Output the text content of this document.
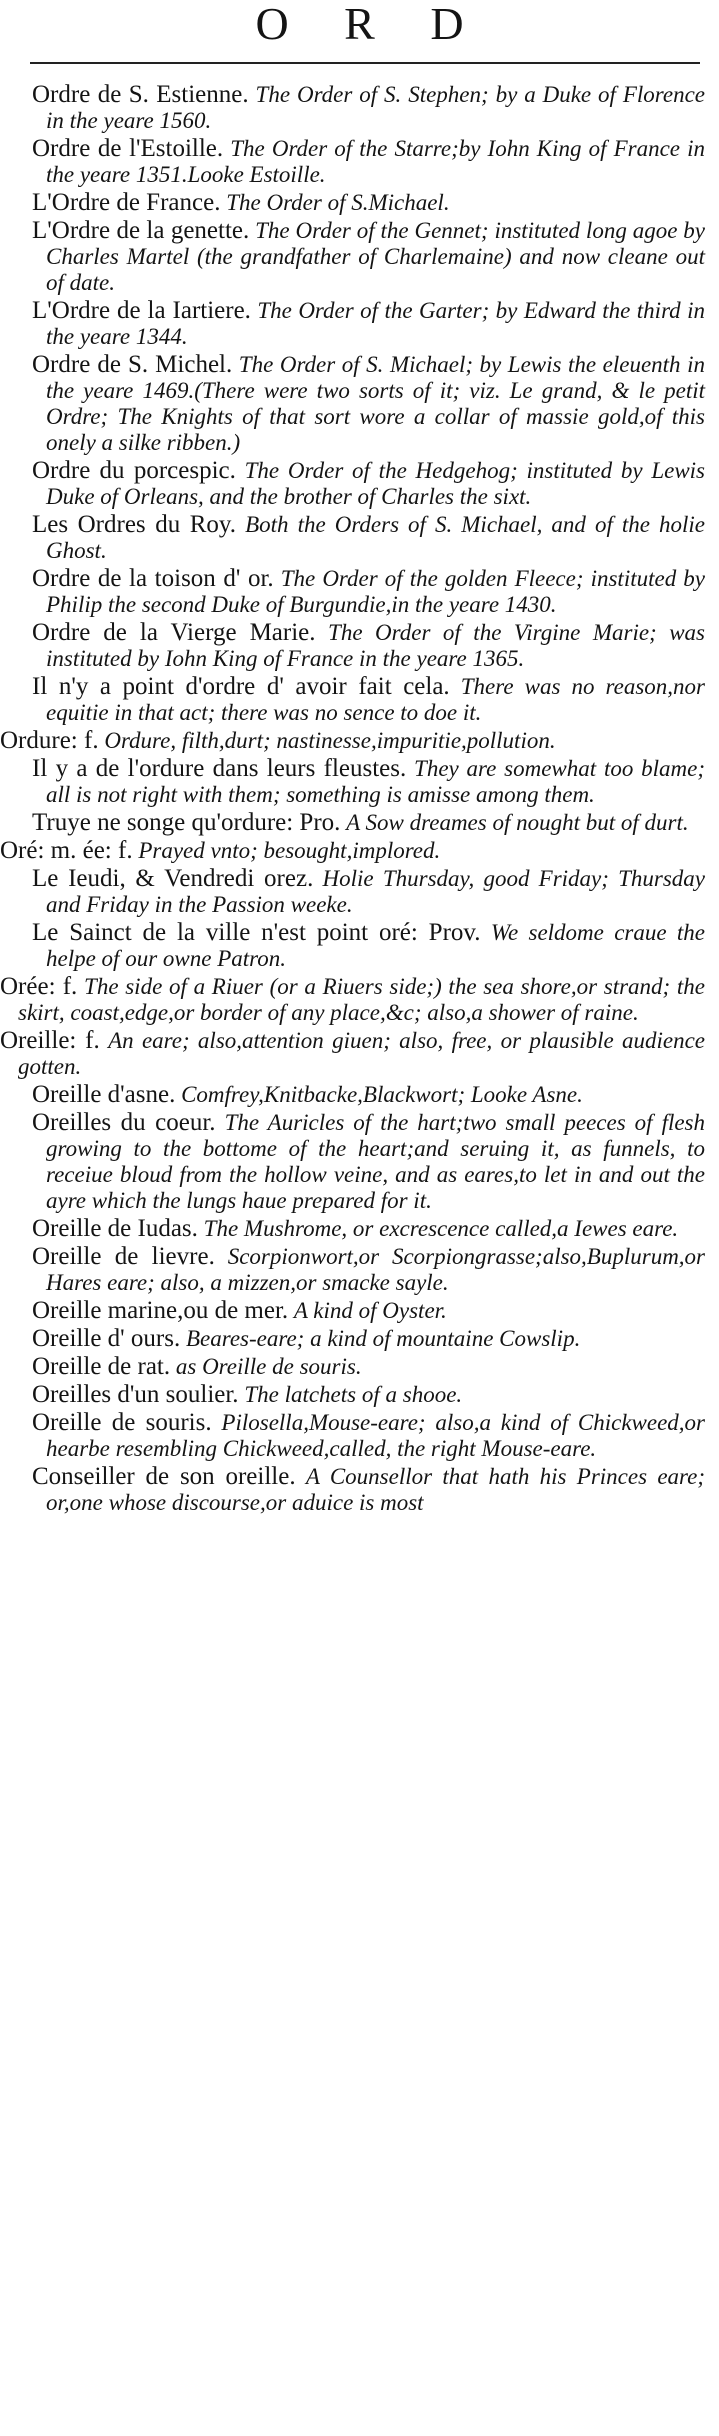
O R D
Ordre de S. Estienne. The Order of S. Stephen; by a Duke of Florence in the yeare 1560.
Ordre de l'Estoille. The Order of the Starre;by Iohn King of France in the yeare 1351.Looke Estoille.
L'Ordre de France. The Order of S.Michael.
L'Ordre de la genette. The Order of the Gennet; instituted long agoe by Charles Martel (the grandfather of Charlemaine) and now cleane out of date.
L'Ordre de la Iartiere. The Order of the Garter; by Edward the third in the yeare 1344.
Ordre de S. Michel. The Order of S. Michael; by Lewis the eleuenth in the yeare 1469.(There were two sorts of it; viz. Le grand, & le petit Ordre; The Knights of that sort wore a collar of massie gold,of this onely a silke ribben.)
Ordre du porcespic. The Order of the Hedgehog; instituted by Lewis Duke of Orleans, and the brother of Charles the sixt.
Les Ordres du Roy. Both the Orders of S. Michael, and of the holie Ghost.
Ordre de la toison d' or. The Order of the golden Fleece; instituted by Philip the second Duke of Burgundie,in the yeare 1430.
Ordre de la Vierge Marie. The Order of the Virgine Marie; was instituted by Iohn King of France in the yeare 1365.
Il n'y a point d'ordre d' avoir fait cela. There was no reason,nor equitie in that act; there was no sence to doe it.
Ordure: f. Ordure, filth,durt; nastinesse,impuritie,pollution.
Il y a de l'ordure dans leurs fleustes. They are somewhat too blame; all is not right with them; something is amisse among them.
Truye ne songe qu'ordure: Pro. A Sow dreames of nought but of durt.
Oré: m. ée: f. Prayed vnto; besought,implored.
Le Ieudi, & Vendredi orez. Holie Thursday, good Friday; Thursday and Friday in the Passion weeke.
Le Sainct de la ville n'est point oré: Prov. We seldome craue the helpe of our owne Patron.
Orée: f. The side of a Riuer (or a Riuers side;) the sea shore,or strand; the skirt, coast,edge,or border of any place,&c; also,a shower of raine.
Oreille: f. An eare; also,attention giuen; also, free, or plausible audience gotten.
Oreille d'asne. Comfrey,Knitbacke,Blackwort; Looke Asne.
Oreilles du coeur. The Auricles of the hart;two small peeces of flesh growing to the bottome of the heart;and seruing it, as funnels, to receiue bloud from the hollow veine, and as eares,to let in and out the ayre which the lungs haue prepared for it.
Oreille de Iudas. The Mushrome, or excrescence called,a Iewes eare.
Oreille de lievre. Scorpionwort,or Scorpiongrasse;also,Buplurum,or Hares eare; also, a mizzen,or smacke sayle.
Oreille marine,ou de mer. A kind of Oyster.
Oreille d' ours. Beares-eare; a kind of mountaine Cowslip.
Oreille de rat. as Oreille de souris.
Oreilles d'un soulier. The latchets of a shooe.
Oreille de souris. Pilosella,Mouse-eare; also,a kind of Chickweed,or hearbe resembling Chickweed,called, the right Mouse-eare.
Conseiller de son oreille. A Counsellor that hath his Princes eare; or,one whose discourse,or aduice is most
